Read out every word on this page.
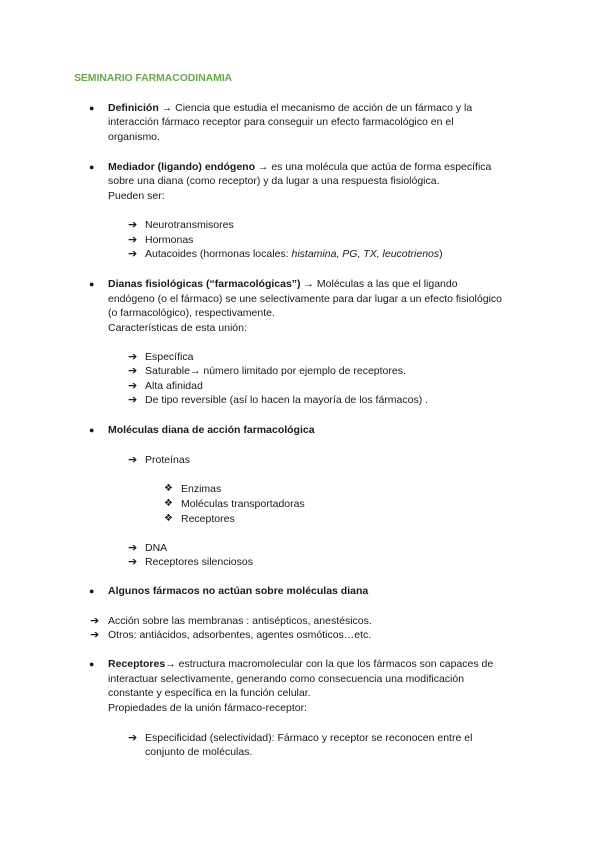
SEMINARIO FARMACODINAMIA
● Definición → Ciencia que estudia el mecanismo de acción de un fármaco y la
interacción fármaco receptor para conseguir un efecto farmacológico en el
organismo.
● Mediador (ligando) endógeno → es una molécula que actúa de forma específica
sobre una diana (como receptor) y da lugar a una respuesta fisiológica.
Pueden ser:
➔ Neurotransmisores
➔ Hormonas
➔ Autacoides (hormonas locales: histamina, PG, TX, leucotrienos)
● Dianas fisiológicas (“farmacológicas”) → Moléculas a las que el ligando
endógeno (o el fármaco) se une selectivamente para dar lugar a un efecto fisiológico
(o farmacológico), respectivamente.
Características de esta unión:
➔ Específica
➔ Saturable→ número limitado por ejemplo de receptores.
➔ Alta afinidad
➔ De tipo reversible (así lo hacen la mayoría de los fármacos) .
● Moléculas diana de acción farmacológica
➔ Proteínas
❖ Enzimas
❖ Moléculas transportadoras
❖ Receptores
➔ DNA
➔ Receptores silenciosos
● Algunos fármacos no actúan sobre moléculas diana
➔ Acción sobre las membranas : antisépticos, anestésicos.
➔ Otros: antiácidos, adsorbentes, agentes osmóticos…etc.
● Receptores→ estructura macromolecular con la que los fármacos son capaces de
interactuar selectivamente, generando como consecuencia una modificación
constante y específica en la función celular.
Propiedades de la unión fármaco-receptor:
➔ Especificidad (selectividad): Fármaco y receptor se reconocen entre el
conjunto de moléculas.
